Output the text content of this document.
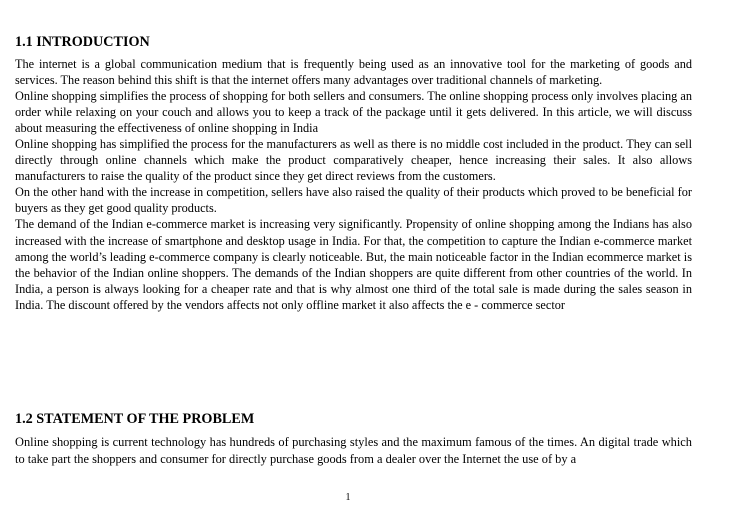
1.1 INTRODUCTION

The internet is a global communication medium that is frequently being used as an innovative tool for the marketing of goods and services. The reason behind this shift is that the internet offers many advantages over traditional channels of marketing.

Online shopping simplifies the process of shopping for both sellers and consumers. The online shopping process only involves placing an order while relaxing on your couch and allows you to keep a track of the package until it gets delivered. In this article, we will discuss about measuring the effectiveness of online shopping in India

Online shopping has simplified the process for the manufacturers as well as there is no middle cost included in the product. They can sell directly through online channels which make the product comparatively cheaper, hence increasing their sales. It also allows manufacturers to raise the quality of the product since they get direct reviews from the customers.

On the other hand with the increase in competition, sellers have also raised the quality of their products which proved to be beneficial for buyers as they get good quality products.

The demand of the Indian e-commerce market is increasing very significantly. Propensity of online shopping among the Indians has also increased with the increase of smartphone and desktop usage in India. For that, the competition to capture the Indian e-commerce market among the world’s leading e-commerce company is clearly noticeable. But, the main noticeable factor in the Indian ecommerce market is the behavior of the Indian online shoppers. The demands of the Indian shoppers are quite different from other countries of the world. In India, a person is always looking for a cheaper rate and that is why almost one third of the total sale is made during the sales season in India. The discount offered by the vendors affects not only offline market it also affects the e - commerce sector

1.2 STATEMENT OF THE PROBLEM

Online shopping is current technology has hundreds of purchasing styles and the maximum famous of the times. An digital trade which to take part the shoppers and consumer for directly purchase goods from a dealer over the Internet the use of by a

1
